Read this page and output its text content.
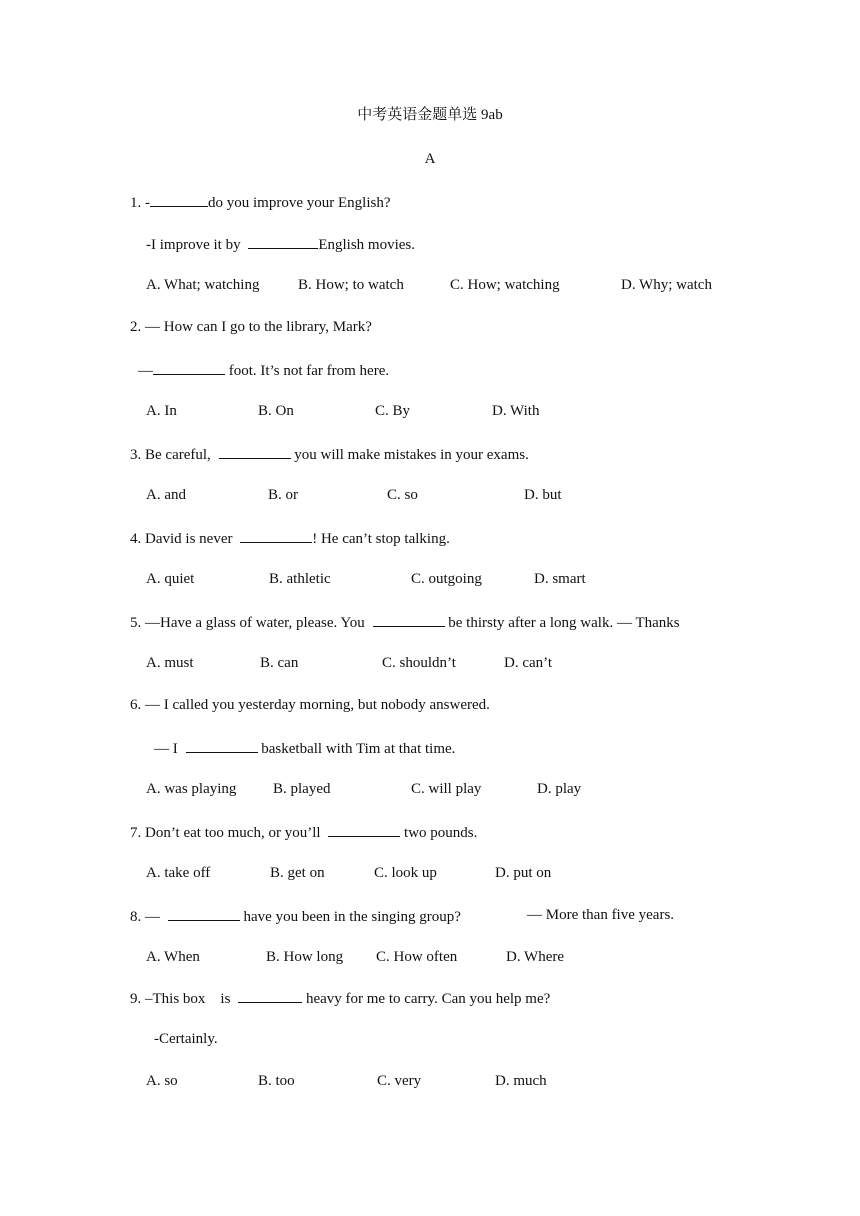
中考英语金题单选 9ab
A
1. -	do you improve your English?
-I improve it by	English movies.
A. What; watching	B. How; to watch	C. How; watching	D. Why; watch
2. — How can I go to the library, Mark?
—	foot. It’s not far from here.
A. In	B. On	C. By	D. With
3. Be careful,	you will make mistakes in your exams.
A. and	B. or	C. so	D. but
4. David is never	! He can’t stop talking.
A. quiet	B. athletic	C. outgoing	D. smart
5. —Have a glass of water, please. You	be thirsty after a long walk. — Thanks
A. must	B. can	C. shouldn’t	D. can’t
6. — I called you yesterday morning, but nobody answered.
— I	basketball with Tim at that time.
A. was playing B. played	C. will play	D. play
7. Don’t eat too much, or you’ll	two pounds.
A. take off	B. get on	C. look up	D. put on
8. —	have you been in the singing group?	— More than five years.
A. When	B. How long C. How often	D. Where
9. –This box    is	heavy for me to carry. Can you help me?
-Certainly.
A. so	B. too	C. very	D. much
